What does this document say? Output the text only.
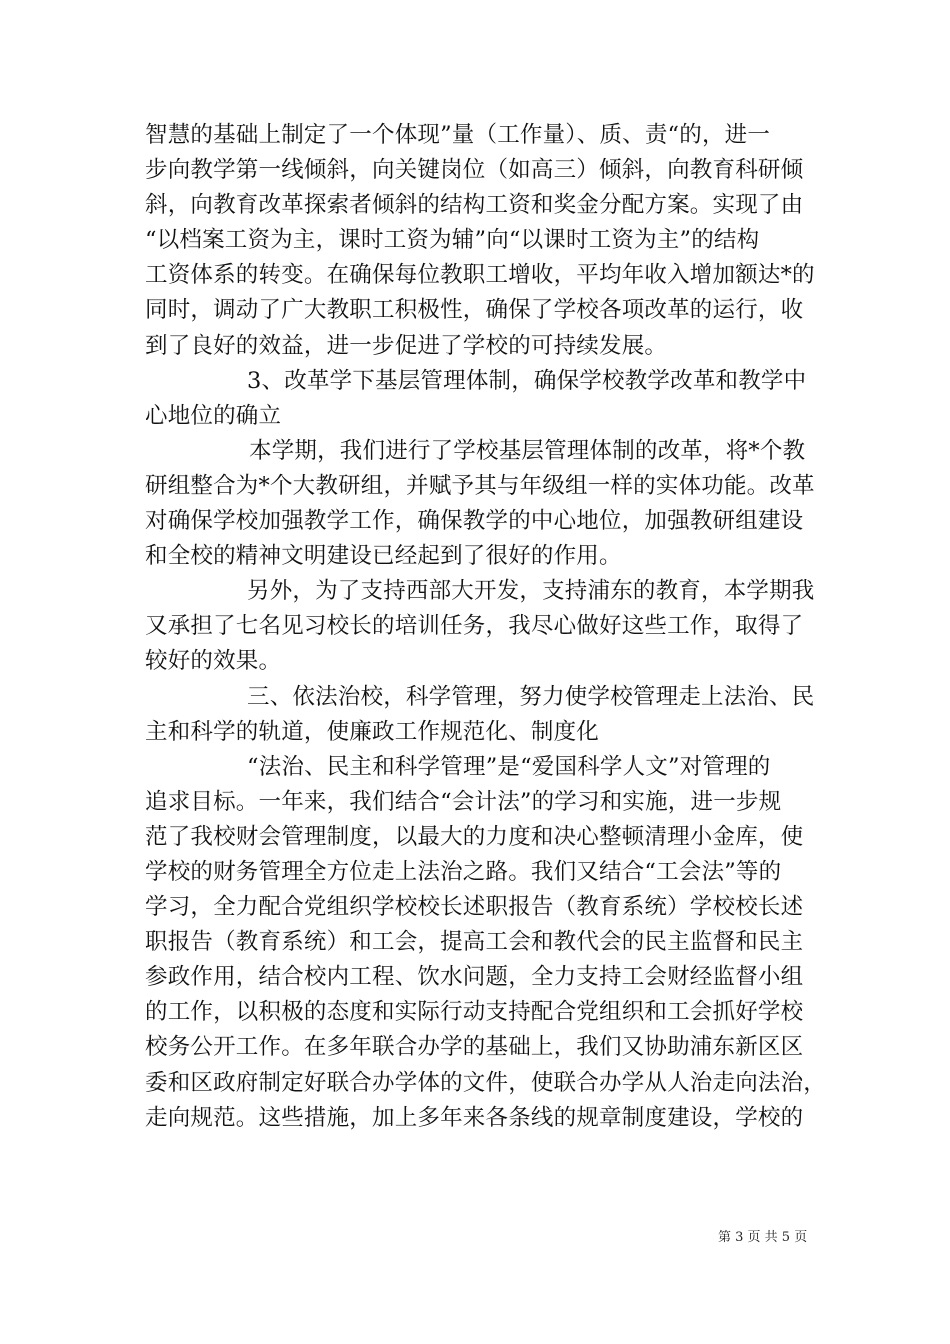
智慧的基础上制定了一个体现”量（工作量）、质、责“的，进一
步向教学第一线倾斜，向关键岗位（如高三）倾斜，向教育科研倾
斜，向教育改革探索者倾斜的结构工资和奖金分配方案。实现了由
“以档案工资为主，课时工资为辅”向“以课时工资为主”的结构
工资体系的转变。在确保每位教职工增收，平均年收入增加额达*的
同时，调动了广大教职工积极性，确保了学校各项改革的运行，收
到了良好的效益，进一步促进了学校的可持续发展。
3、改革学下基层管理体制，确保学校教学改革和教学中
心地位的确立
本学期，我们进行了学校基层管理体制的改革，将*个教
研组整合为*个大教研组，并赋予其与年级组一样的实体功能。改革
对确保学校加强教学工作，确保教学的中心地位，加强教研组建设
和全校的精神文明建设已经起到了很好的作用。
另外，为了支持西部大开发，支持浦东的教育，本学期我
又承担了七名见习校长的培训任务，我尽心做好这些工作，取得了
较好的效果。
三、依法治校，科学管理，努力使学校管理走上法治、民
主和科学的轨道，使廉政工作规范化、制度化
“法治、民主和科学管理”是“爱国科学人文”对管理的
追求目标。一年来，我们结合“会计法”的学习和实施，进一步规
范了我校财会管理制度，以最大的力度和决心整顿清理小金库，使
学校的财务管理全方位走上法治之路。我们又结合“工会法”等的
学习，全力配合党组织学校校长述职报告（教育系统）学校校长述
职报告（教育系统）和工会，提高工会和教代会的民主监督和民主
参政作用，结合校内工程、饮水问题，全力支持工会财经监督小组
的工作，以积极的态度和实际行动支持配合党组织和工会抓好学校
校务公开工作。在多年联合办学的基础上，我们又协助浦东新区区
委和区政府制定好联合办学体的文件，使联合办学从人治走向法治，
走向规范。这些措施，加上多年来各条线的规章制度建设，学校的
第 3 页 共 5 页
